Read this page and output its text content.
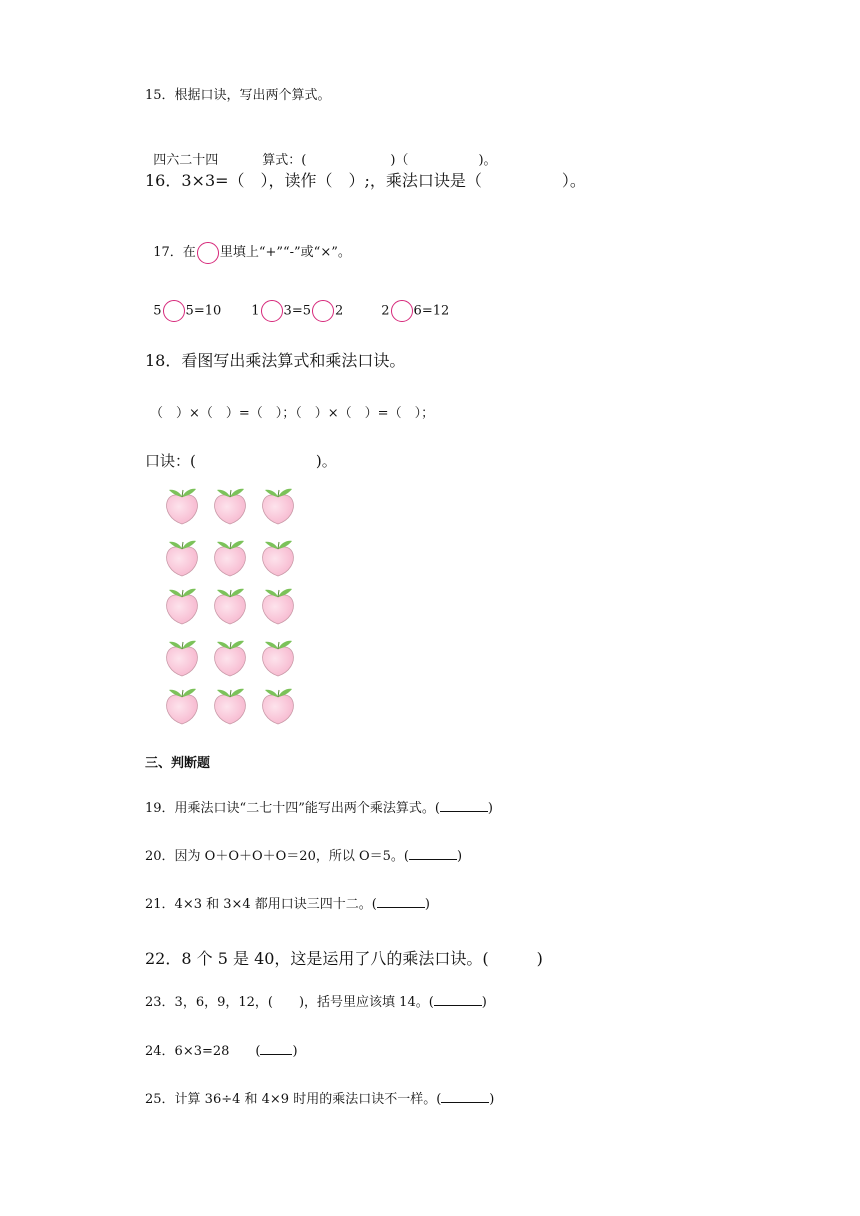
15．根据口诀，写出两个算式。

四六二十四	算式：(	)（	)。

16．3×3=（　），读作（　）;，乘法口诀是（　　　　　）。

17．在 里填上“+”“-”或“×”。

5 5=10 1 3=5 2	2 6=12

18．看图写出乘法算式和乘法口诀。
（　）×（　）=（　）；（　）×（　）=（　）；
口诀：(　　　　　　　　)。
三、判断题
19．用乘法口诀“二七十四”能写出两个乘法算式。(	)
20．因为 O＋O＋O＋O＝20，所以 O＝5。(	)
21．4×3 和 3×4 都用口诀三四十二。(	)
22．8 个 5 是 40，这是运用了八的乘法口诀。(　　　)
23．3，6，9，12，(　　)，括号里应该填 14。(	)
24．6×3=28　　( )
25．计算 36÷4 和 4×9 时用的乘法口诀不一样。(	)
